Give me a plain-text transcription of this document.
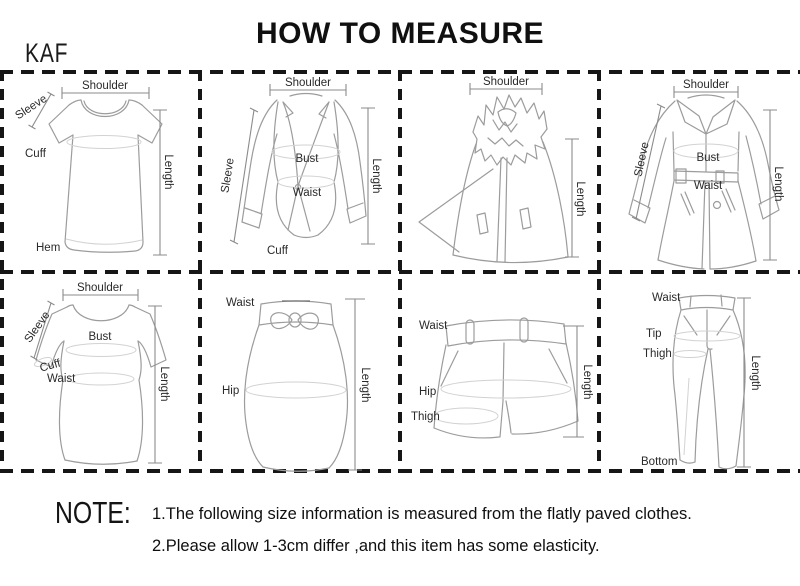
KAF
HOW TO MEASURE
Shoulder
Sleeve
Cuff
Hem
Length
Shoulder
Sleeve	Bust
Waist
Cuff
Length
Shoulder
Length
Shoulder
Sleeve	Bust
Waist	Length
Shoulder
Sleeve	Bust
Cuff
Waist	Length
Waist
Hip	Length
Waist
Hip
Thigh
Length
Waist
Tip
Thigh
Bottom
Length
NOTE: 1.The following size information is measured from the flatly paved clothes.
2.Please allow 1-3cm differ ,and this item has some elasticity.
